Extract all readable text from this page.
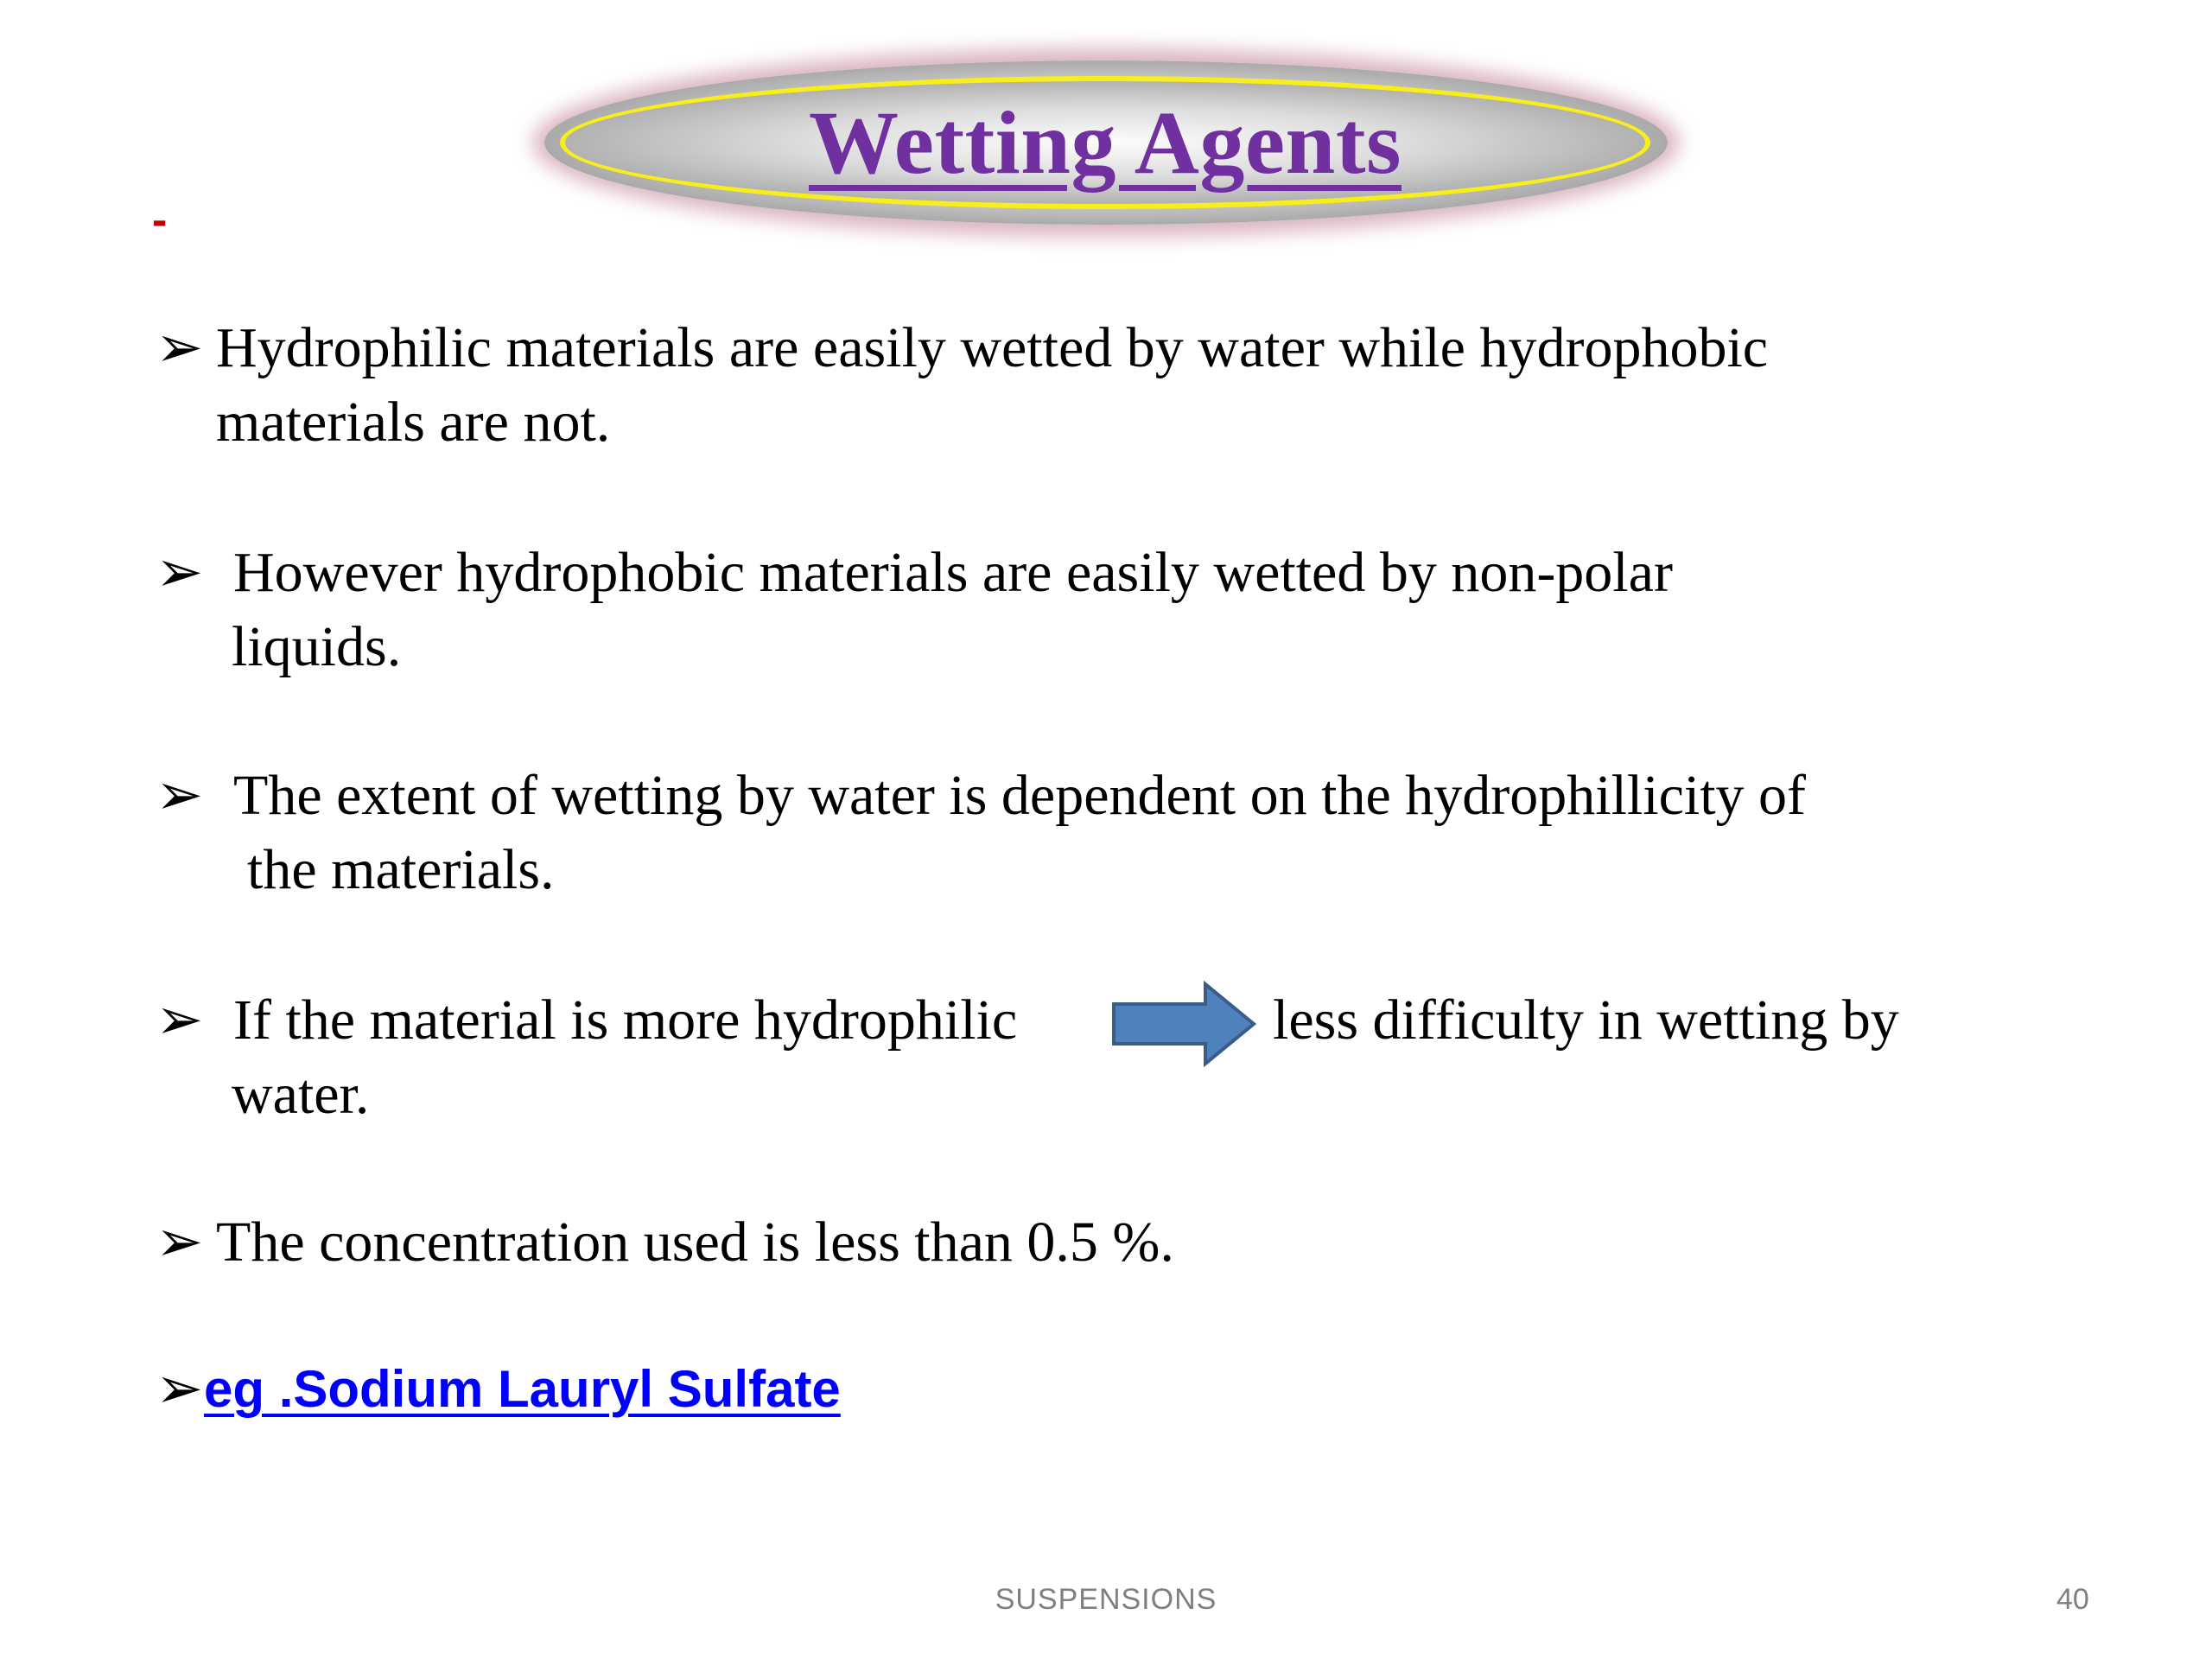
Wetting Agents
-
➢ Hydrophilic materials are easily wetted by water while hydrophobic
materials are not.
➢ However hydrophobic materials are easily wetted by non-polar
liquids.
➢ The extent of wetting by water is dependent on the hydrophillicity of
the materials.
➢ If the material is more hydrophilic	less difficulty in wetting by
water.
➢ The concentration used is less than 0.5 %.
➢ eg .Sodium Lauryl Sulfate
SUSPENSIONS	40
